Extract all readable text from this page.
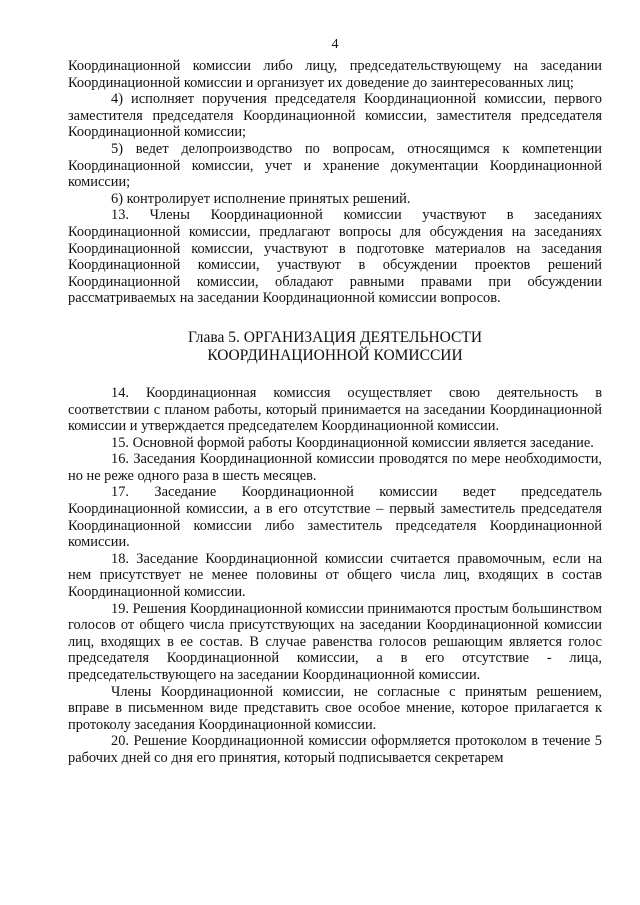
4

Координационной комиссии либо лицу, председательствующему на заседании Координационной комиссии и организует их доведение до заинтересованных лиц;

4) исполняет поручения председателя Координационной комиссии, первого заместителя председателя Координационной комиссии, заместителя председателя Координационной комиссии;

5) ведет делопроизводство по вопросам, относящимся к компетенции Координационной комиссии, учет и хранение документации Координационной комиссии;

6) контролирует исполнение принятых решений.

13. Члены Координационной комиссии участвуют в заседаниях Координационной комиссии, предлагают вопросы для обсуждения на заседаниях Координационной комиссии, участвуют в подготовке материалов на заседания Координационной комиссии, участвуют в обсуждении проектов решений Координационной комиссии, обладают равными правами при обсуждении рассматриваемых на заседании Координационной комиссии вопросов.

Глава 5. ОРГАНИЗАЦИЯ ДЕЯТЕЛЬНОСТИ
КООРДИНАЦИОННОЙ КОМИССИИ

14. Координационная комиссия осуществляет свою деятельность в соответствии с планом работы, который принимается на заседании Координационной комиссии и утверждается председателем Координационной комиссии.

15. Основной формой работы Координационной комиссии является заседание.

16. Заседания Координационной комиссии проводятся по мере необходимости, но не реже одного раза в шесть месяцев.

17. Заседание Координационной комиссии ведет председатель Координационной комиссии, а в его отсутствие – первый заместитель председателя Координационной комиссии либо заместитель председателя Координационной комиссии.

18. Заседание Координационной комиссии считается правомочным, если на нем присутствует не менее половины от общего числа лиц, входящих в состав Координационной комиссии.

19. Решения Координационной комиссии принимаются простым большинством голосов от общего числа присутствующих на заседании Координационной комиссии лиц, входящих в ее состав. В случае равенства голосов решающим является голос председателя Координационной комиссии, а в его отсутствие - лица, председательствующего на заседании Координационной комиссии.

Члены Координационной комиссии, не согласные с принятым решением, вправе в письменном виде представить свое особое мнение, которое прилагается к протоколу заседания Координационной комиссии.

20. Решение Координационной комиссии оформляется протоколом в течение 5 рабочих дней со дня его принятия, который подписывается секретарем
